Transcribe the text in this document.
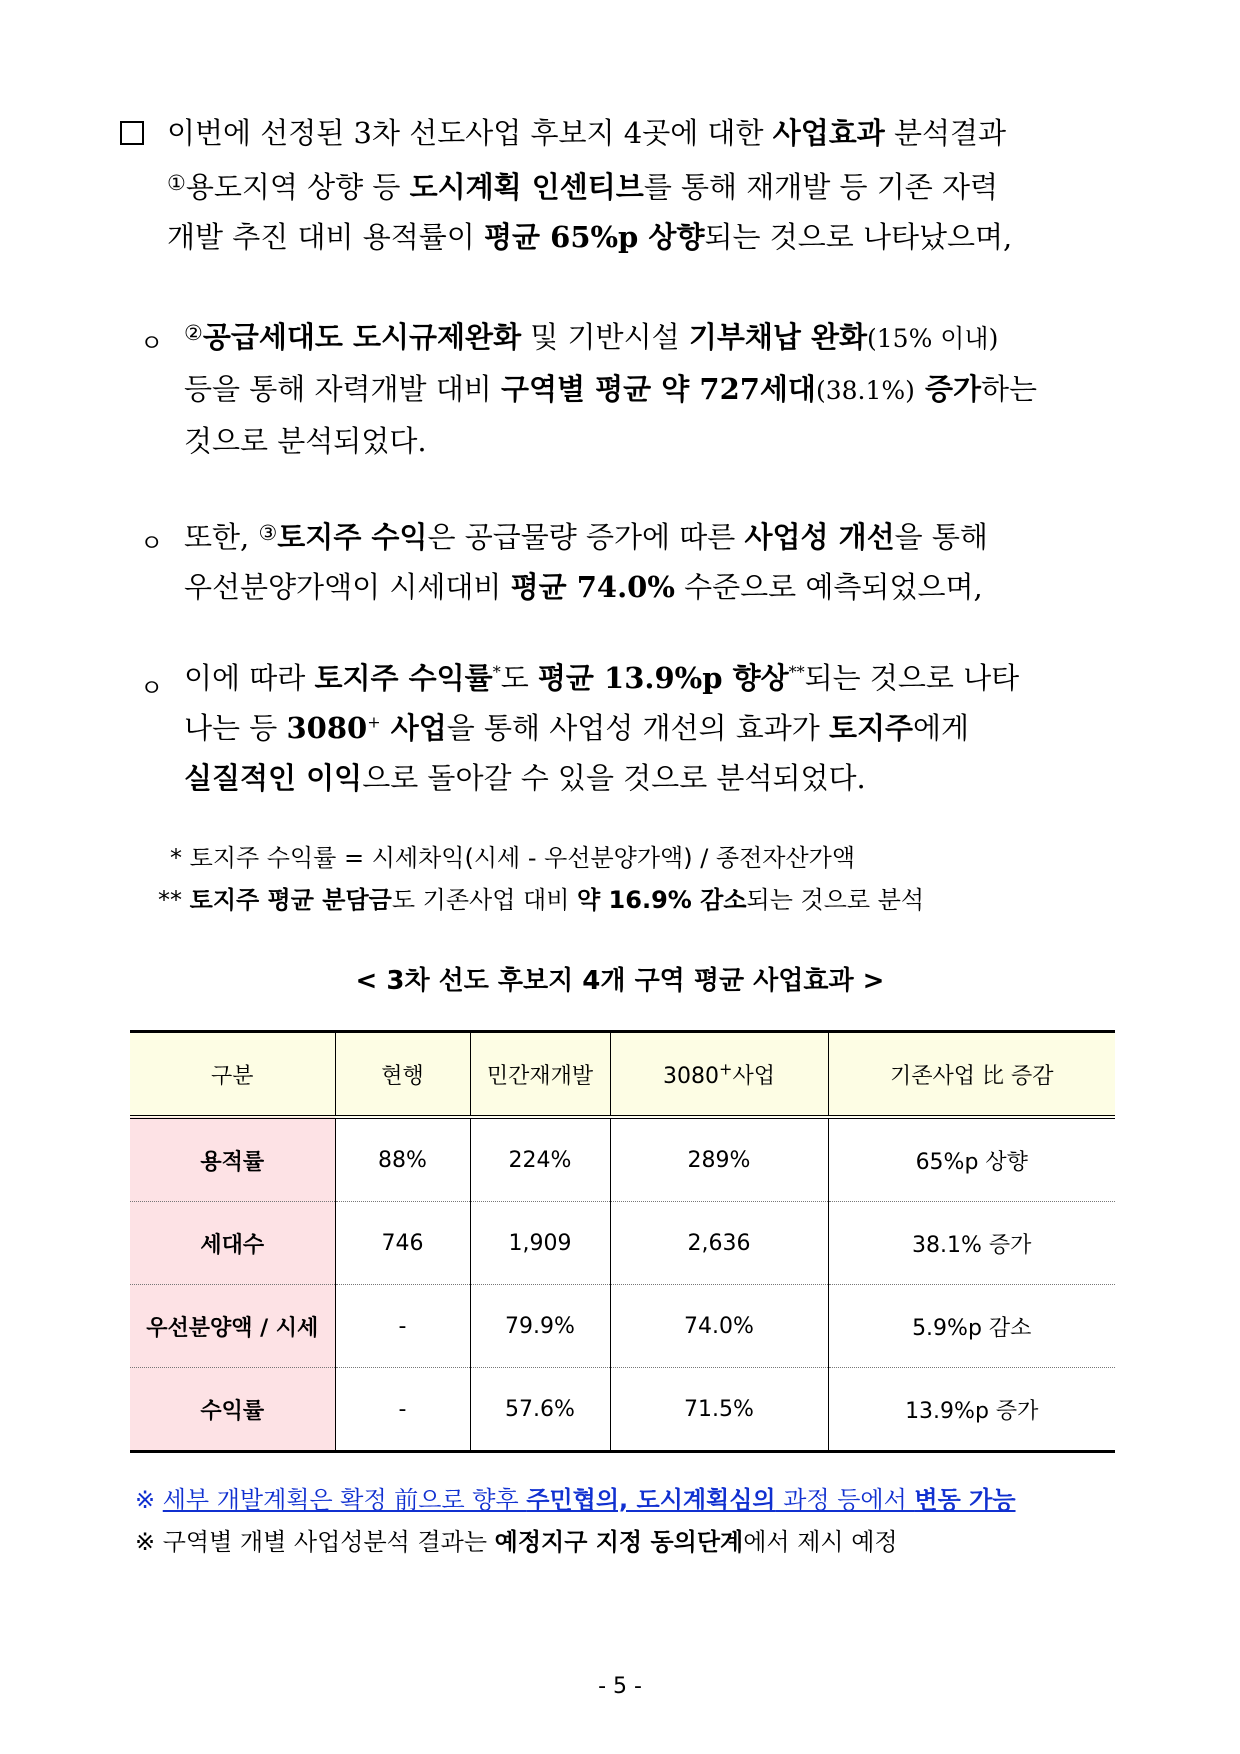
이번에 선정된 3차 선도사업 후보지 4곳에 대한 사업효과 분석결과
①용도지역 상향 등 도시계획 인센티브를 통해 재개발 등 기존 자력
개발 추진 대비 용적률이 평균 65%p 상향되는 것으로 나타났으며,
ㅇ ②공급세대도 도시규제완화 및 기반시설 기부채납 완화(15% 이내)
등을 통해 자력개발 대비 구역별 평균 약 727세대(38.1%) 증가하는
것으로 분석되었다.
ㅇ 또한, ③토지주 수익은 공급물량 증가에 따른 사업성 개선을 통해
우선분양가액이 시세대비 평균 74.0% 수준으로 예측되었으며,
ㅇ 이에 따라 토지주 수익률*도 평균 13.9%p 향상**되는 것으로 나타
나는 등 3080+ 사업을 통해 사업성 개선의 효과가 토지주에게
실질적인 이익으로 돌아갈 수 있을 것으로 분석되었다.
* 토지주 수익률 = 시세차익(시세 - 우선분양가액) / 종전자산가액
** 토지주 평균 분담금도 기존사업 대비 약 16.9% 감소되는 것으로 분석
< 3차 선도 후보지 4개 구역 평균 사업효과 >
구분	현행	민간재개발	3080+사업	기존사업 比 증감
용적률	88%	224%	289%	65%p 상향
세대수	746	1,909	2,636	38.1% 증가
우선분양액 / 시세	-	79.9%	74.0%	5.9%p 감소
수익률	-	57.6%	71.5%	13.9%p 증가
※ 세부 개발계획은 확정 前으로 향후 주민협의, 도시계획심의 과정 등에서 변동 가능
※ 구역별 개별 사업성분석 결과는 예정지구 지정 동의단계에서 제시 예정
- 5 -
